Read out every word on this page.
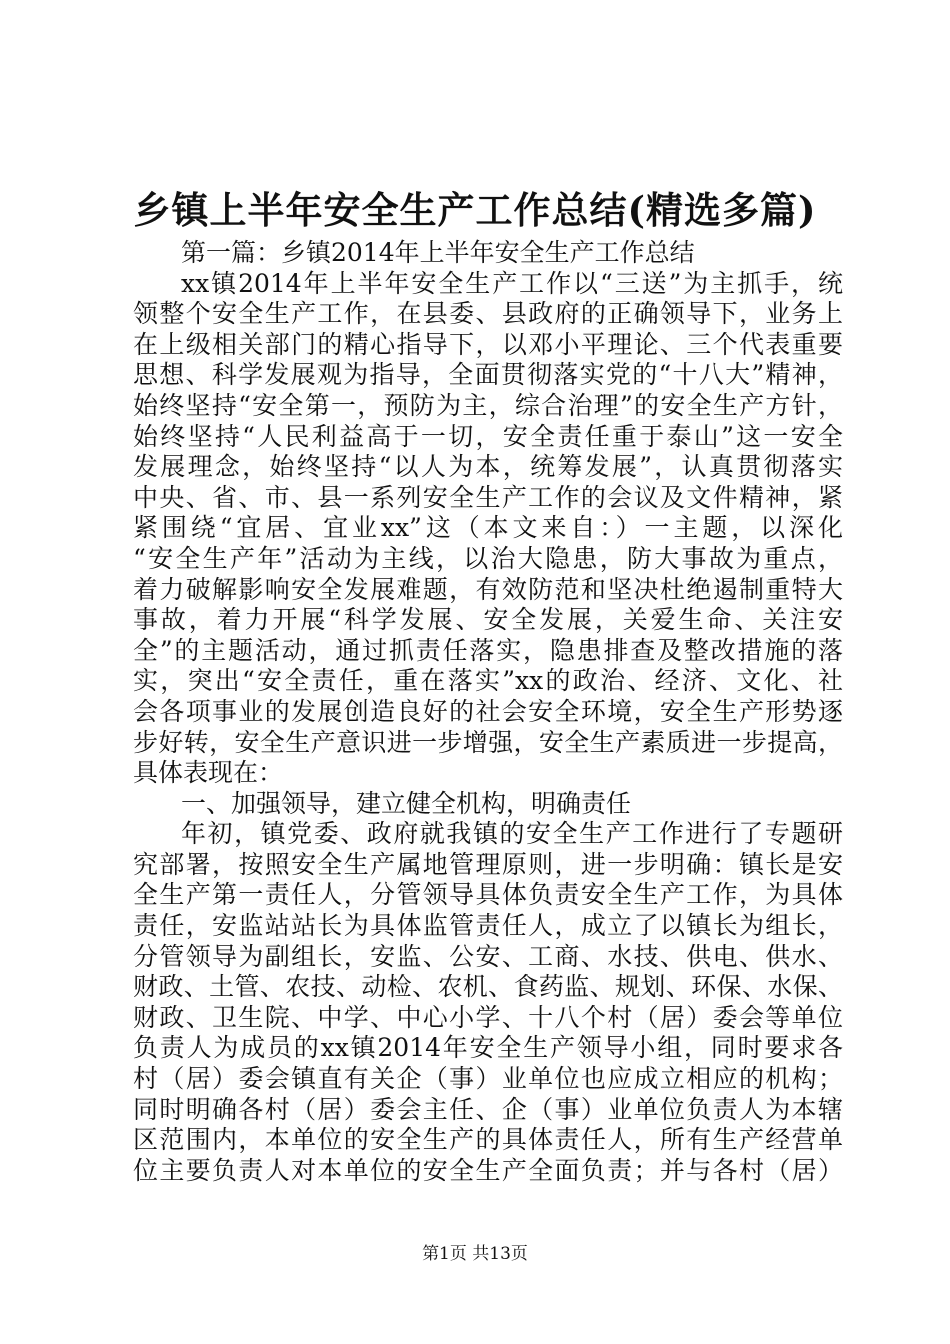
乡镇上半年安全生产工作总结(精选多篇)
第一篇：乡镇2014年上半年安全生产工作总结
xx镇2014年上半年安全生产工作以“三送”为主抓手，统
领整个安全生产工作，在县委、县政府的正确领导下，业务上
在上级相关部门的精心指导下，以邓小平理论、三个代表重要
思想、科学发展观为指导，全面贯彻落实党的“十八大”精神，
始终坚持“安全第一，预防为主，综合治理”的安全生产方针，
始终坚持“人民利益高于一切，安全责任重于泰山”这一安全
发展理念，始终坚持“以人为本，统筹发展”，认真贯彻落实
中央、省、市、县一系列安全生产工作的会议及文件精神，紧
紧围绕“宜居、宜业xx”这（本文来自：）一主题，以深化
“安全生产年”活动为主线，以治大隐患，防大事故为重点，
着力破解影响安全发展难题，有效防范和坚决杜绝遏制重特大
事故，着力开展“科学发展、安全发展，关爱生命、关注安
全”的主题活动，通过抓责任落实，隐患排查及整改措施的落
实，突出“安全责任，重在落实”xx的政治、经济、文化、社
会各项事业的发展创造良好的社会安全环境，安全生产形势逐
步好转，安全生产意识进一步增强，安全生产素质进一步提高，
具体表现在：
一、加强领导，建立健全机构，明确责任
年初，镇党委、政府就我镇的安全生产工作进行了专题研
究部署，按照安全生产属地管理原则，进一步明确：镇长是安
全生产第一责任人，分管领导具体负责安全生产工作，为具体
责任，安监站站长为具体监管责任人，成立了以镇长为组长，
分管领导为副组长，安监、公安、工商、水技、供电、供水、
财政、土管、农技、动检、农机、食药监、规划、环保、水保、
财政、卫生院、中学、中心小学、十八个村（居）委会等单位
负责人为成员的xx镇2014年安全生产领导小组，同时要求各
村（居）委会镇直有关企（事）业单位也应成立相应的机构；
同时明确各村（居）委会主任、企（事）业单位负责人为本辖
区范围内，本单位的安全生产的具体责任人，所有生产经营单
位主要负责人对本单位的安全生产全面负责；并与各村（居）
第1页 共13页
